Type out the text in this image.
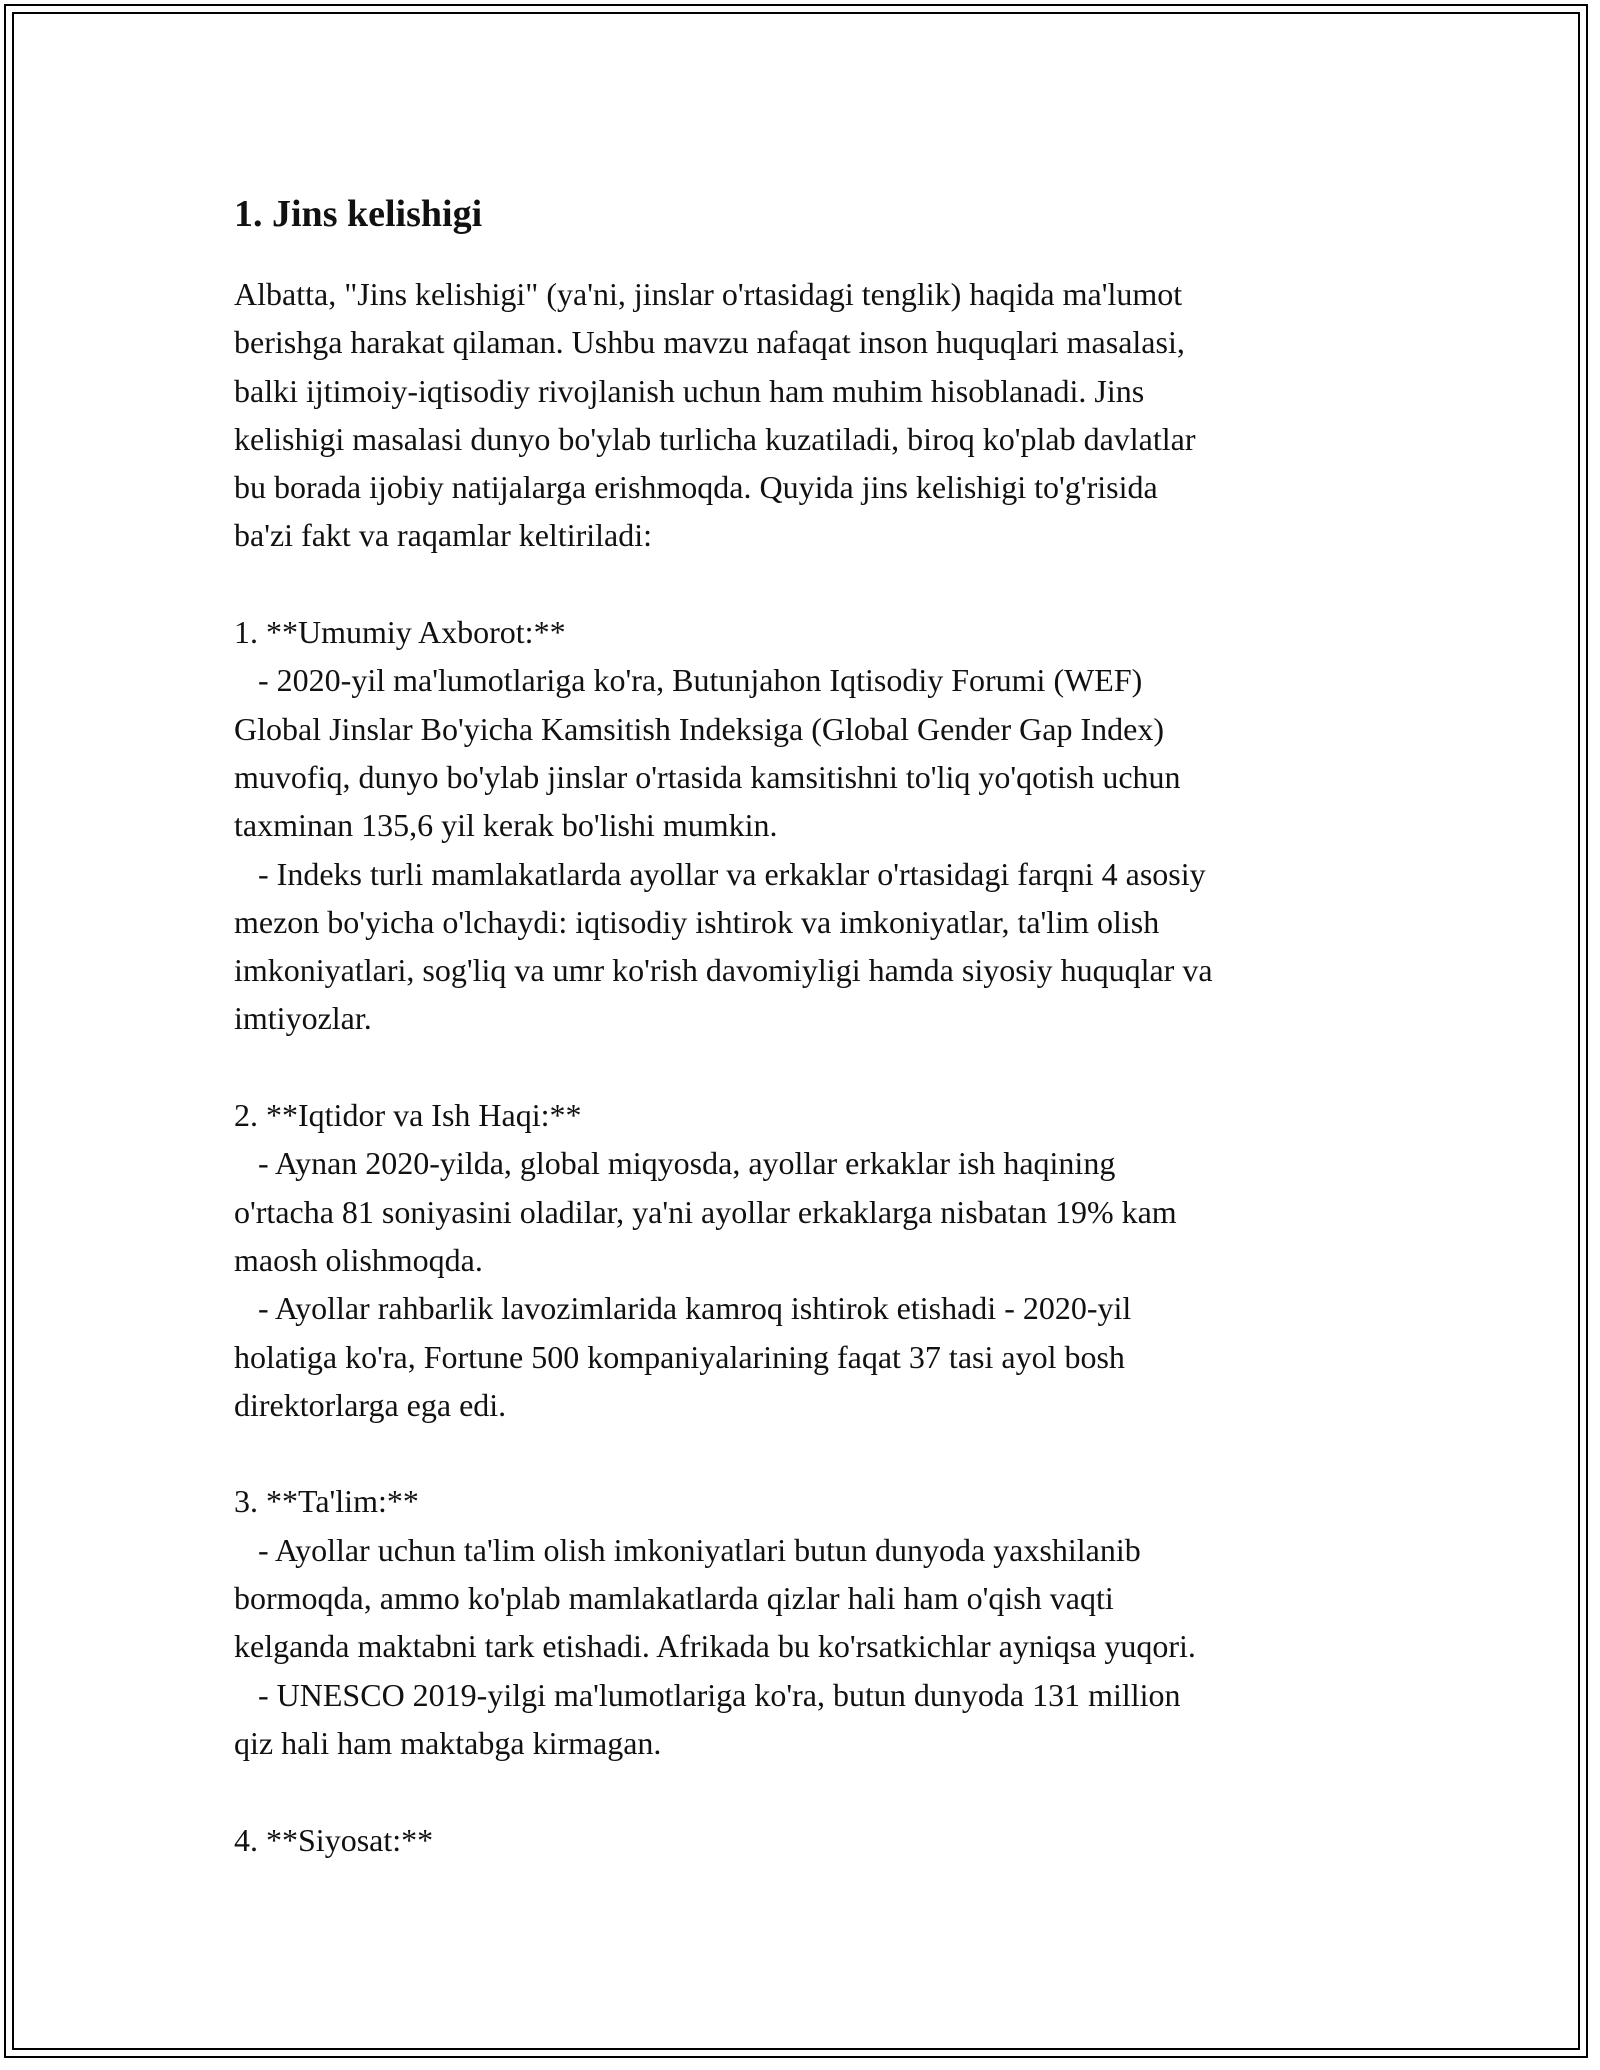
1. Jins kelishigi

Albatta, "Jins kelishigi" (ya'ni, jinslar o'rtasidagi tenglik) haqida ma'lumot
berishga harakat qilaman. Ushbu mavzu nafaqat inson huquqlari masalasi,
balki ijtimoiy-iqtisodiy rivojlanish uchun ham muhim hisoblanadi. Jins
kelishigi masalasi dunyo bo'ylab turlicha kuzatiladi, biroq ko'plab davlatlar
bu borada ijobiy natijalarga erishmoqda. Quyida jins kelishigi to'g'risida
ba'zi fakt va raqamlar keltiriladi:

1. **Umumiy Axborot:**
- 2020-yil ma'lumotlariga ko'ra, Butunjahon Iqtisodiy Forumi (WEF)
Global Jinslar Bo'yicha Kamsitish Indeksiga (Global Gender Gap Index)
muvofiq, dunyo bo'ylab jinslar o'rtasida kamsitishni to'liq yo'qotish uchun
taxminan 135,6 yil kerak bo'lishi mumkin.
- Indeks turli mamlakatlarda ayollar va erkaklar o'rtasidagi farqni 4 asosiy
mezon bo'yicha o'lchaydi: iqtisodiy ishtirok va imkoniyatlar, ta'lim olish
imkoniyatlari, sog'liq va umr ko'rish davomiyligi hamda siyosiy huquqlar va
imtiyozlar.

2. **Iqtidor va Ish Haqi:**
- Aynan 2020-yilda, global miqyosda, ayollar erkaklar ish haqining
o'rtacha 81 soniyasini oladilar, ya'ni ayollar erkaklarga nisbatan 19% kam
maosh olishmoqda.
- Ayollar rahbarlik lavozimlarida kamroq ishtirok etishadi - 2020-yil
holatiga ko'ra, Fortune 500 kompaniyalarining faqat 37 tasi ayol bosh
direktorlarga ega edi.

3. **Ta'lim:**
- Ayollar uchun ta'lim olish imkoniyatlari butun dunyoda yaxshilanib
bormoqda, ammo ko'plab mamlakatlarda qizlar hali ham o'qish vaqti
kelganda maktabni tark etishadi. Afrikada bu ko'rsatkichlar ayniqsa yuqori.
- UNESCO 2019-yilgi ma'lumotlariga ko'ra, butun dunyoda 131 million
qiz hali ham maktabga kirmagan.

4. **Siyosat:**
